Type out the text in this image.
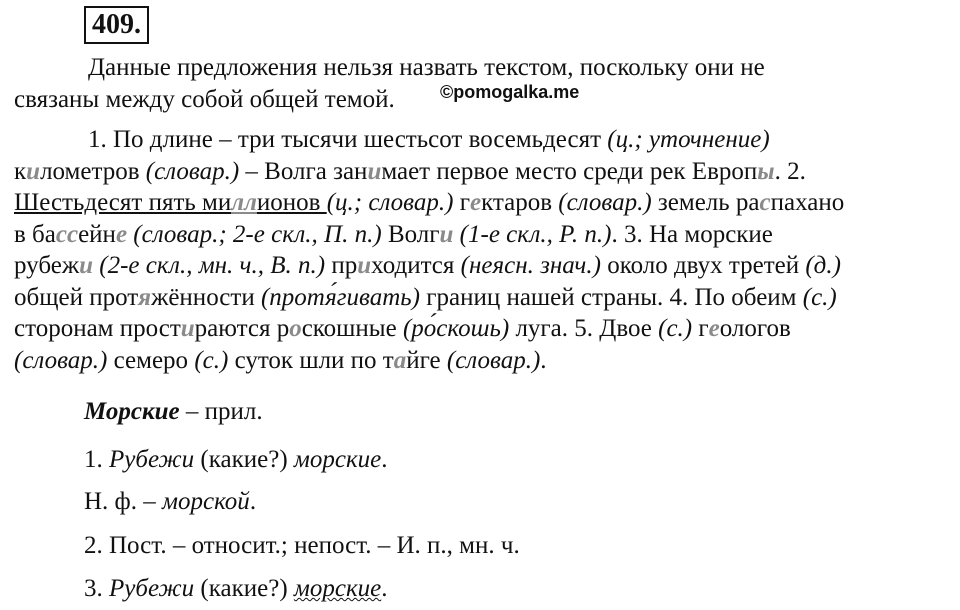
409.
©pomogalka.me
Данные предложения нельзя назвать текстом, поскольку они не
связаны между собой общей темой.
1. По длине – три тысячи шестьсот восемьдесят (ц.; уточнение)
километров (словар.) – Волга занимает первое место среди рек Европы. 2.
Шестьдесят пять миллионов (ц.; словар.) гектаров (словар.) земель распахано
в бассейне (словар.; 2-е скл., П. п.) Волги (1-е скл., Р. п.). 3. На морские
рубежи (2-е скл., мн. ч., В. п.) приходится (неясн. знач.) около двух третей (д.)
общей протяжённости (протя́гивать) границ нашей страны. 4. По обеим (с.)
сторонам простираются роскошные (ро́скошь) луга. 5. Двое (с.) геологов
(словар.) семеро (с.) суток шли по тайге (словар.).
Морские – прил.
1. Рубежи (какие?) морские.
Н. ф. – морской.
2. Пост. – относит.; непост. – И. п., мн. ч.
3. Рубежи (какие?) морские.
